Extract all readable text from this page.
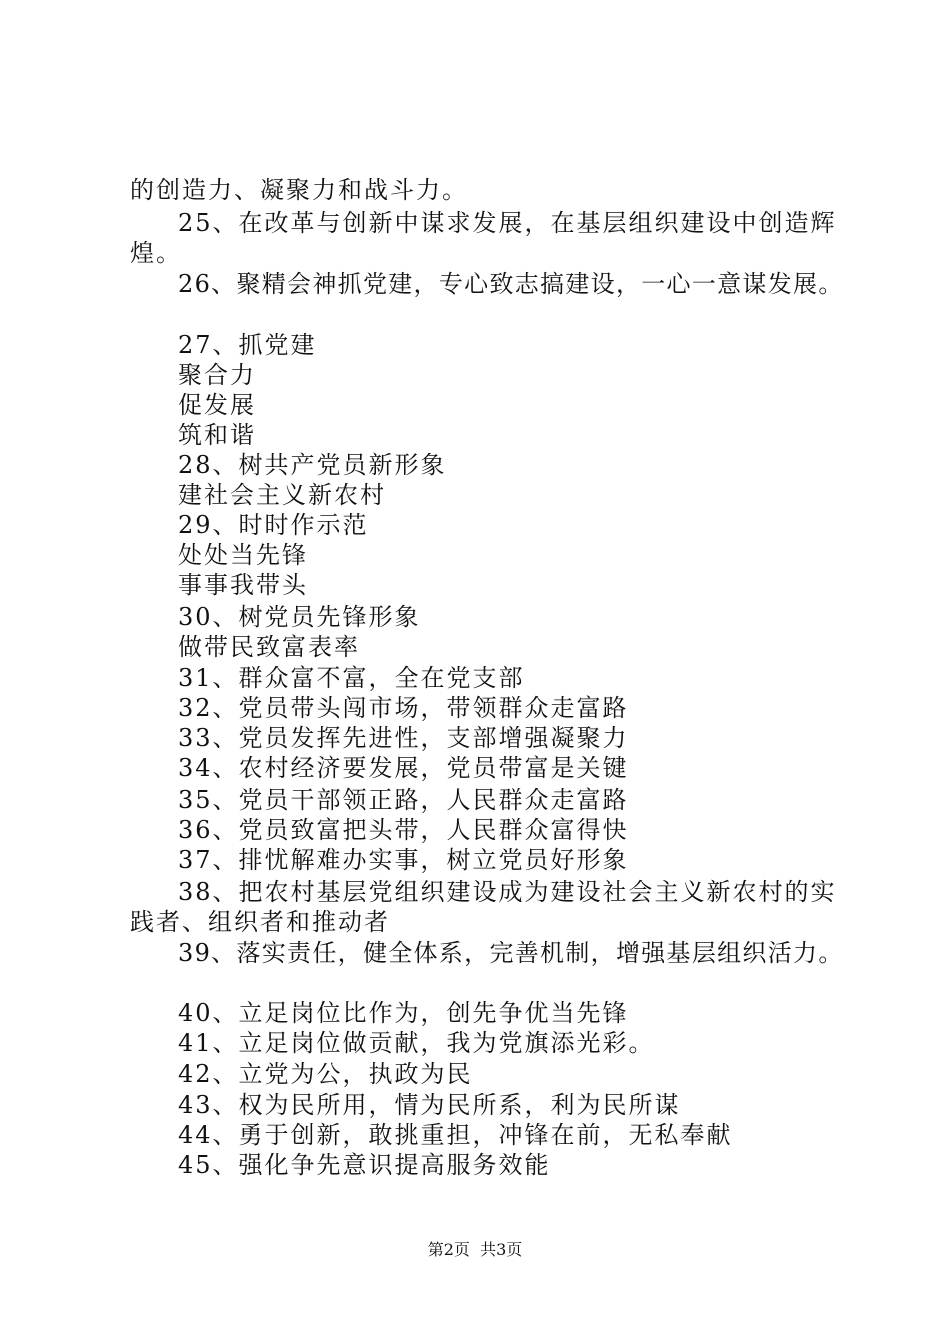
的创造力、凝聚力和战斗力。
25、在改革与创新中谋求发展，在基层组织建设中创造辉
煌。
26、聚精会神抓党建，专心致志搞建设，一心一意谋发展。
27、抓党建
聚合力
促发展
筑和谐
28、树共产党员新形象
建社会主义新农村
29、时时作示范
处处当先锋
事事我带头
30、树党员先锋形象
做带民致富表率
31、群众富不富，全在党支部
32、党员带头闯市场，带领群众走富路
33、党员发挥先进性，支部增强凝聚力
34、农村经济要发展，党员带富是关键
35、党员干部领正路，人民群众走富路
36、党员致富把头带，人民群众富得快
37、排忧解难办实事，树立党员好形象
38、把农村基层党组织建设成为建设社会主义新农村的实
践者、组织者和推动者
39、落实责任，健全体系，完善机制，增强基层组织活力。
40、立足岗位比作为，创先争优当先锋
41、立足岗位做贡献，我为党旗添光彩。
42、立党为公，执政为民
43、权为民所用，情为民所系，利为民所谋
44、勇于创新，敢挑重担，冲锋在前，无私奉献
45、强化争先意识提高服务效能
第2页  共3页
